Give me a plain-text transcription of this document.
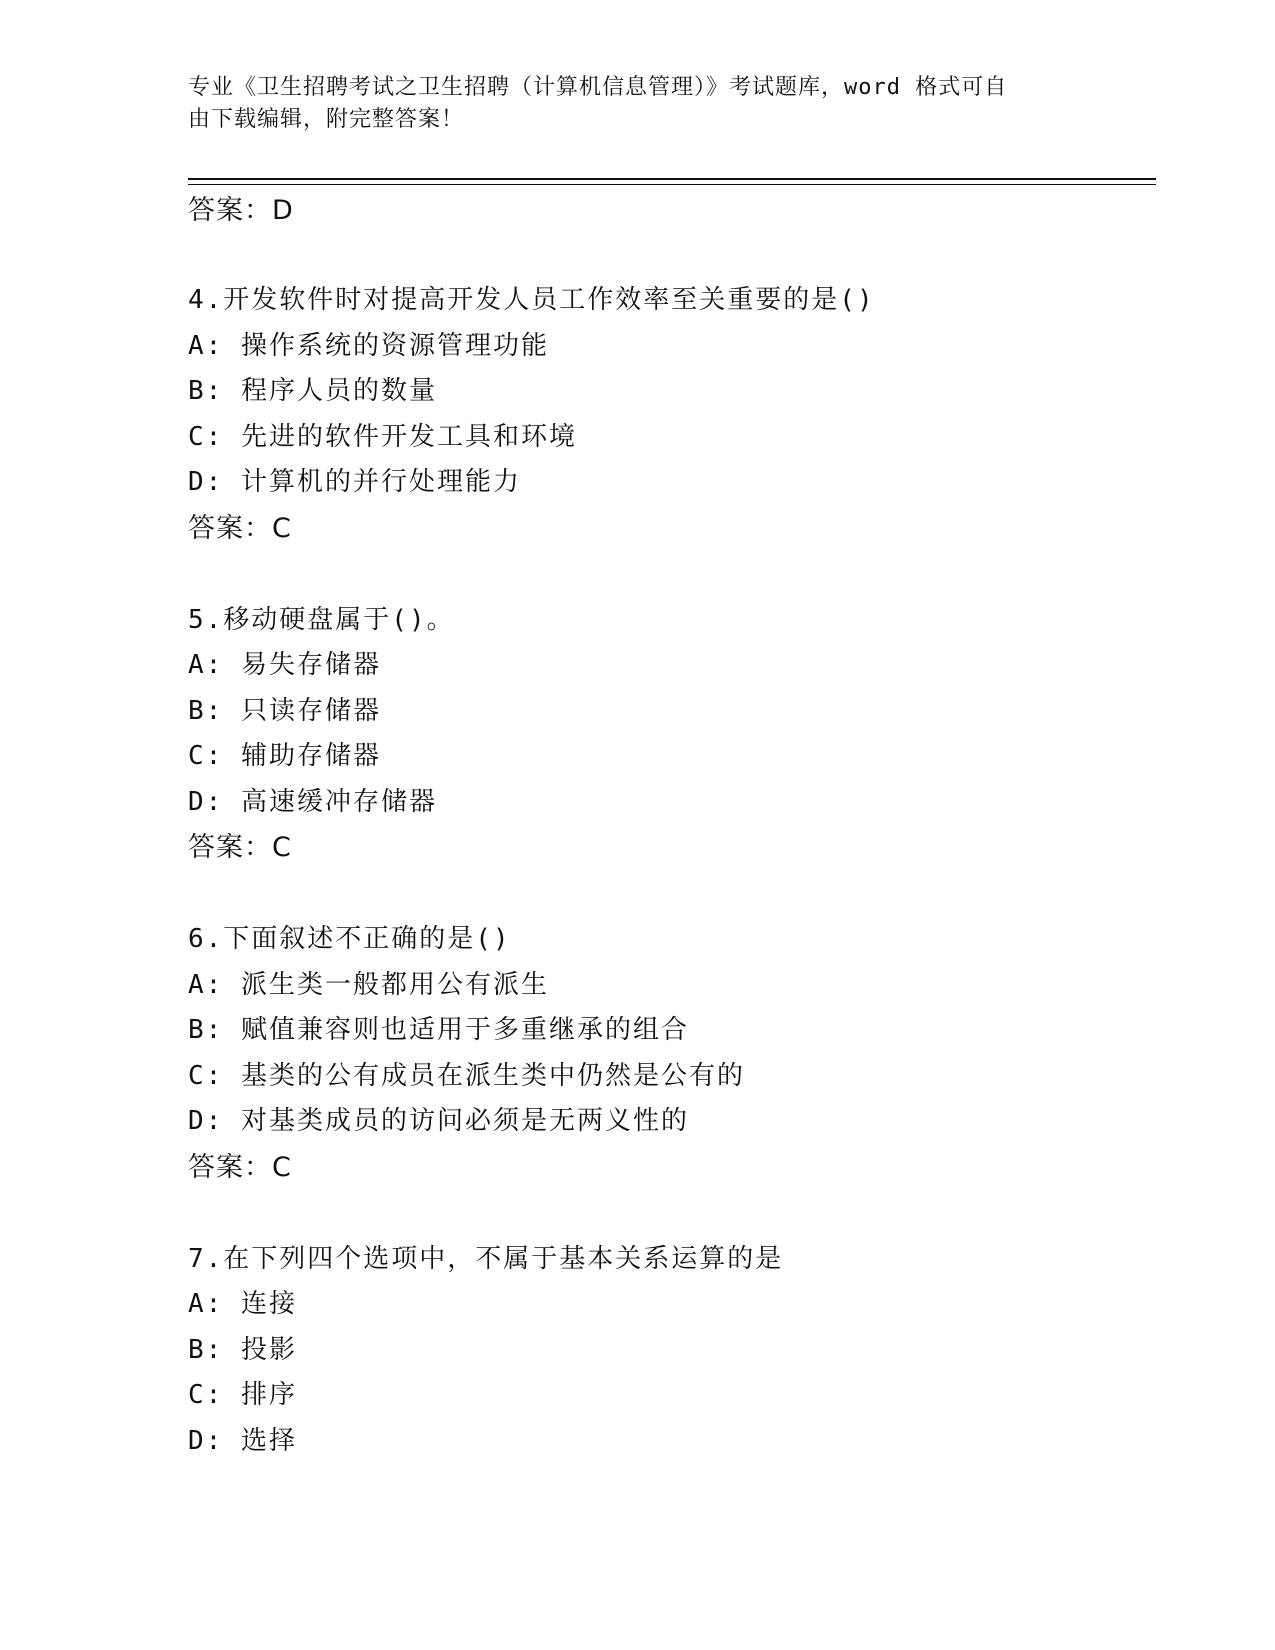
专业《卫生招聘考试之卫生招聘（计算机信息管理）》考试题库，word 格式可自
由下载编辑，附完整答案！
答案：D
4.开发软件时对提高开发人员工作效率至关重要的是()
A: 操作系统的资源管理功能
B: 程序人员的数量
C: 先进的软件开发工具和环境
D: 计算机的并行处理能力
答案：C
5.移动硬盘属于()。
A: 易失存储器
B: 只读存储器
C: 辅助存储器
D: 高速缓冲存储器
答案：C
6.下面叙述不正确的是()
A: 派生类一般都用公有派生
B: 赋值兼容则也适用于多重继承的组合
C: 基类的公有成员在派生类中仍然是公有的
D: 对基类成员的访问必须是无两义性的
答案：C
7.在下列四个选项中，不属于基本关系运算的是
A: 连接
B: 投影
C: 排序
D: 选择
